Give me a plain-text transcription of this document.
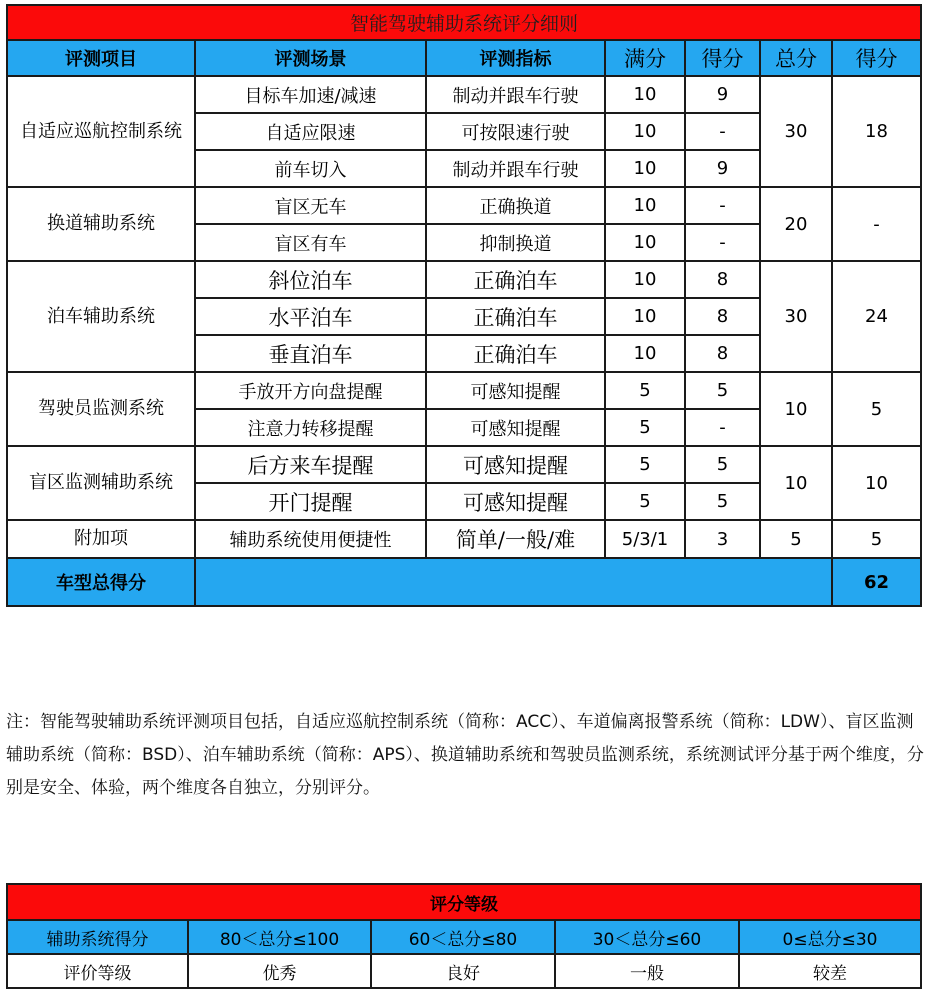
智能驾驶辅助系统评分细则						
评测项目	评测场景	评测指标	满分	得分	总分	得分
自适应巡航控制系统	目标车加速/减速	制动并跟车行驶	10	9	30	18
	自适应限速	可按限速行驶	10	-		
	前车切入	制动并跟车行驶	10	9		
换道辅助系统	盲区无车	正确换道	10	-	20	-
	盲区有车	抑制换道	10	-		
泊车辅助系统	斜位泊车	正确泊车	10	8	30	24
	水平泊车	正确泊车	10	8		
	垂直泊车	正确泊车	10	8		
驾驶员监测系统	手放开方向盘提醒	可感知提醒	5	5	10	5
	注意力转移提醒	可感知提醒	5	-		
盲区监测辅助系统	后方来车提醒	可感知提醒	5	5	10	10
	开门提醒	可感知提醒	5	5		
附加项	辅助系统使用便捷性	简单/一般/难	5/3/1	3	5	5
车型总得分						62
注：智能驾驶辅助系统评测项目包括，自适应巡航控制系统（简称：ACC）、车道偏离报警系统（简称：LDW）、盲区监测辅助系统（简称：BSD）、泊车辅助系统（简称：APS）、换道辅助系统和驾驶员监测系统，系统测试评分基于两个维度，分别是安全、体验，两个维度各自独立，分别评分。
评分等级				
辅助系统得分	80＜总分≤100	60＜总分≤80	30＜总分≤60	0≤总分≤30
评价等级	优秀	良好	一般	较差
